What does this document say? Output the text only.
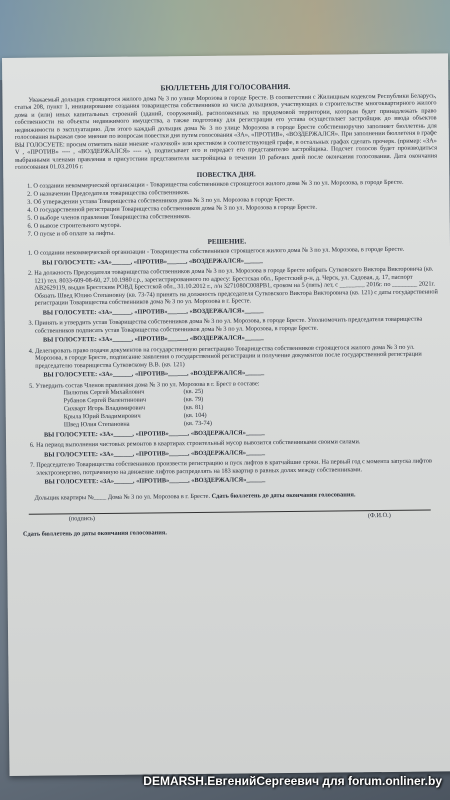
БЮЛЛЕТЕНЬ ДЛЯ ГОЛОСОВАНИЯ.

Уважаемый дольщик строящегося жилого дома № 3 по улице Морозова в городе Бресте. В соответствии с Жилищным кодексом Республики Беларусь, статья 208, пункт 1, инициирование создания товарищества собственников из числа дольщиков, участвующих в строительстве многоквартирного жилого дома и (или) иных капитальных строений (зданий, сооружений), расположенных на придомовой территории, которым будет принадлежать право собственности на объекты недвижимого имущества, а также подготовку для регистрации его устава осуществляет застройщик до ввода объектов недвижимости в эксплуатацию. Для этого каждый дольщик дома № 3 по улице Морозова в городе Бресте собственноручно заполняет бюллетень для голосования выражая свое мнение по вопросам повестки дня путем голосования «ЗА», «ПРОТИВ», «ВОЗДЕРЖАЛСЯ». При заполнении бюллетеня в графе ВЫ ГОЛОСУЕТЕ: просим отметить ваше мнение «галочкой» или крестиком в соответствующей графе, в остальных графах сделать прочерк. (пример: «ЗА» V , «ПРОТИВ» ---- , «ВОЗДЕРЖАЛСЯ» ---- »), подписывает его и передает его представителю застройщика. Подсчет голосов будет производиться выбранными членами правления в присутствии представителя застройщика в течении 10 рабочих дней после окончания голосования. Дата окончания голосования 01.03.2016 г.

ПОВЕСТКА ДНЯ.
1. О создании некоммерческой организации - Товарищества собственников строящегося жилого дома № 3 по ул. Морозова, в городе Бресте.
2. О назначении Председателя товарищества собственников.
3. Об утверждении устава Товарищества собственников дома № 3 по ул. Морозова в городе Бресте.
4. О государственной регистрации Товарищества собственников дома № 3 по ул. Морозова в городе Бресте.
5. О выборе членов правления Товарищества собственников.
6. О вывозе строительного мусора.
7. О пуске и об оплате за лифты.
РЕШЕНИЕ.
1. О создании некоммерческой организации - Товарищества собственников строящегося жилого дома № 3 по ул. Морозова, в городе Бресте.
ВЫ ГОЛОСУЕТЕ: «ЗА»______, «ПРОТИВ»______, «ВОЗДЕРЖАЛСЯ»______
2. На должность Председателя товарищества собственников дома № 3 по ул. Морозова в городе Бресте избрать Сутковского Виктора Викторовича (кв. 121) тел. 8033-609-08-60, 27.10.1980 г.р., зарегистрированного по адресу: Брестская обл., Брестский р-н, д. Черск, ул. Садовая, д. 17, паспорт АВ2629119, выдан Брестским РОВД Брестской обл., 31.10.2012 г., л/н 3271080С008РВ1, сроком на 5 (пять) лет, с ________ 2016г. по ________ 2021г. Обязать Швед Юлию Степановну (кв. 73-74) принять на должность председателя Сутковского Виктора Викторовича (кв. 121) с даты государственной регистрации Товарищества собственников дома № 3 по ул. Морозова в г. Бресте.
ВЫ ГОЛОСУЕТЕ: «ЗА»______, «ПРОТИВ»______, «ВОЗДЕРЖАЛСЯ»______
3. Принять и утвердить устав Товарищества собственников дома № 3 по ул. Морозова, в городе Бресте. Уполномочить председателя товарищества собственников подписать устав Товарищества собственников дома № 3 по ул. Морозова, в городе Бресте.
ВЫ ГОЛОСУЕТЕ: «ЗА»______, «ПРОТИВ»______, «ВОЗДЕРЖАЛСЯ»______
4. Делегировать право подачи документов на государственную регистрацию Товарищества собственников строящегося жилого дома № 3 по ул. Морозова, в городе Бресте, подписание заявления о государственной регистрации и получение документов после государственной регистрации председателю товарищества Сутковскому В.В. (кв. 121)
ВЫ ГОЛОСУЕТЕ: «ЗА»______, «ПРОТИВ»______, «ВОЗДЕРЖАЛСЯ»______
5. Утвердить состав Членов правления дома № 3 по ул. Морозова в г. Брест в составе:
Пилютик Сергей Михайлович	(кв. 25)
Рубанов Сергей Валентинович	(кв. 79)
Сихварт Игорь Владимирович	(кв. 81)
Крыла Юрий Владимирович	(кв. 104)
Швед Юлия Степановна	(кв. 73-74)
ВЫ ГОЛОСУЕТЕ: «ЗА»______, «ПРОТИВ»______, «ВОЗДЕРЖАЛСЯ»______
6. На период выполнения чистовых ремонтов в квартирах строительный мусор вывозится собственниками своими силами.
ВЫ ГОЛОСУЕТЕ: «ЗА»______, «ПРОТИВ»______, «ВОЗДЕРЖАЛСЯ»______
7. Председателю Товарищества собственников произвести регистрацию и пуск лифтов в кратчайшие сроки. На первый год с момента запуска лифтов электроэнергию, потраченную на движение лифтов распределять на 183 квартир в равных долях между собственниками.
ВЫ ГОЛОСУЕТЕ: «ЗА»______, «ПРОТИВ»______, «ВОЗДЕРЖАЛСЯ»______
Дольщик квартиры №____ Дома № 3 по ул. Морозова в г. Бресте. Сдать бюллетень до даты окончания голосования.
(подпись)	(Ф.И.О.)
Сдать бюллетень до даты окончания голосования.
DEMARSH.ЕвгенийСергеевич для forum.onliner.by
